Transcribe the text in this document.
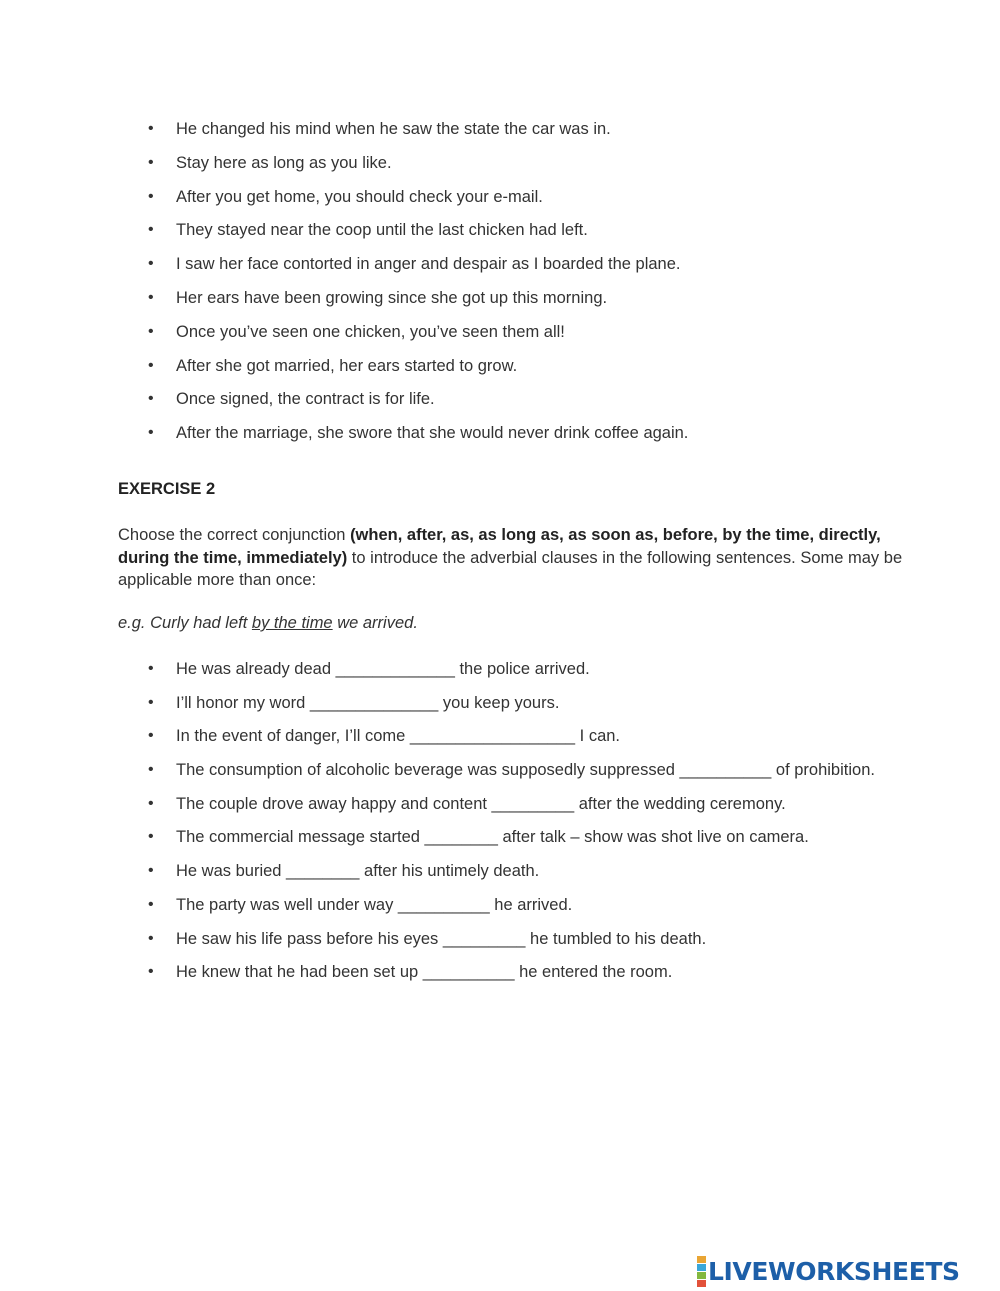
• He changed his mind when he saw the state the car was in.
• Stay here as long as you like.
• After you get home, you should check your e-mail.
• They stayed near the coop until the last chicken had left.
• I saw her face contorted in anger and despair as I boarded the plane.
• Her ears have been growing since she got up this morning.
• Once you’ve seen one chicken, you’ve seen them all!
• After she got married, her ears started to grow.
• Once signed, the contract is for life.
• After the marriage, she swore that she would never drink coffee again.
EXERCISE 2
Choose the correct conjunction (when, after, as, as long as, as soon as, before, by the time, directly, during the time, immediately) to introduce the adverbial clauses in the following sentences. Some may be applicable more than once:
e.g. Curly had left by the time we arrived.
• He was already dead _____________ the police arrived.
• I’ll honor my word ______________ you keep yours.
• In the event of danger, I’ll come __________________ I can.
• The consumption of alcoholic beverage was supposedly suppressed __________ of prohibition.
• The couple drove away happy and content _________ after the wedding ceremony.
• The commercial message started ________ after talk – show was shot live on camera.
• He was buried ________ after his untimely death.
• The party was well under way __________ he arrived.
• He saw his life pass before his eyes _________ he tumbled to his death.
• He knew that he had been set up __________ he entered the room.
LIVEWORKSHEETS
